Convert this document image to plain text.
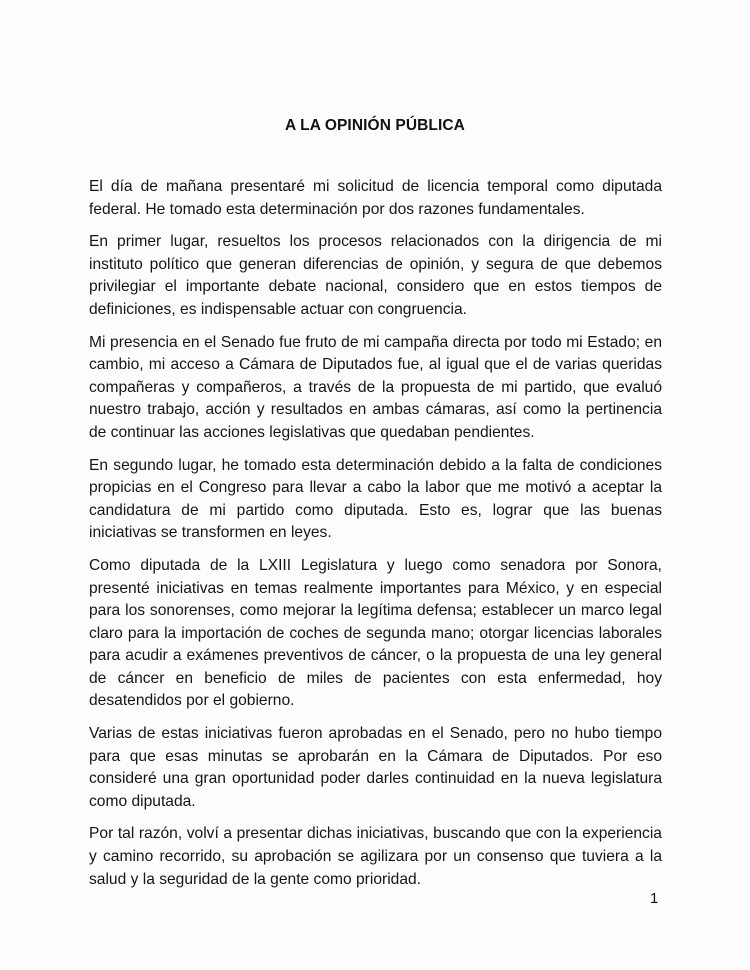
A LA OPINIÓN PÚBLICA

El día de mañana presentaré mi solicitud de licencia temporal como diputada federal. He tomado esta determinación por dos razones fundamentales.

En primer lugar, resueltos los procesos relacionados con la dirigencia de mi instituto político que generan diferencias de opinión, y segura de que debemos privilegiar el importante debate nacional, considero que en estos tiempos de definiciones, es indispensable actuar con congruencia.

Mi presencia en el Senado fue fruto de mi campaña directa por todo mi Estado; en cambio, mi acceso a Cámara de Diputados fue, al igual que el de varias queridas compañeras y compañeros, a través de la propuesta de mi partido, que evaluó nuestro trabajo, acción y resultados en ambas cámaras, así como la pertinencia de continuar las acciones legislativas que quedaban pendientes.

En segundo lugar, he tomado esta determinación debido a la falta de condiciones propicias en el Congreso para llevar a cabo la labor que me motivó a aceptar la candidatura de mi partido como diputada. Esto es, lograr que las buenas iniciativas se transformen en leyes.

Como diputada de la LXIII Legislatura y luego como senadora por Sonora, presenté iniciativas en temas realmente importantes para México, y en especial para los sonorenses, como mejorar la legítima defensa; establecer un marco legal claro para la importación de coches de segunda mano; otorgar licencias laborales para acudir a exámenes preventivos de cáncer, o la propuesta de una ley general de cáncer en beneficio de miles de pacientes con esta enfermedad, hoy desatendidos por el gobierno.

Varias de estas iniciativas fueron aprobadas en el Senado, pero no hubo tiempo para que esas minutas se aprobarán en la Cámara de Diputados. Por eso consideré una gran oportunidad poder darles continuidad en la nueva legislatura como diputada.

Por tal razón, volví a presentar dichas iniciativas, buscando que con la experiencia y camino recorrido, su aprobación se agilizara por un consenso que tuviera a la salud y la seguridad de la gente como prioridad.

1
